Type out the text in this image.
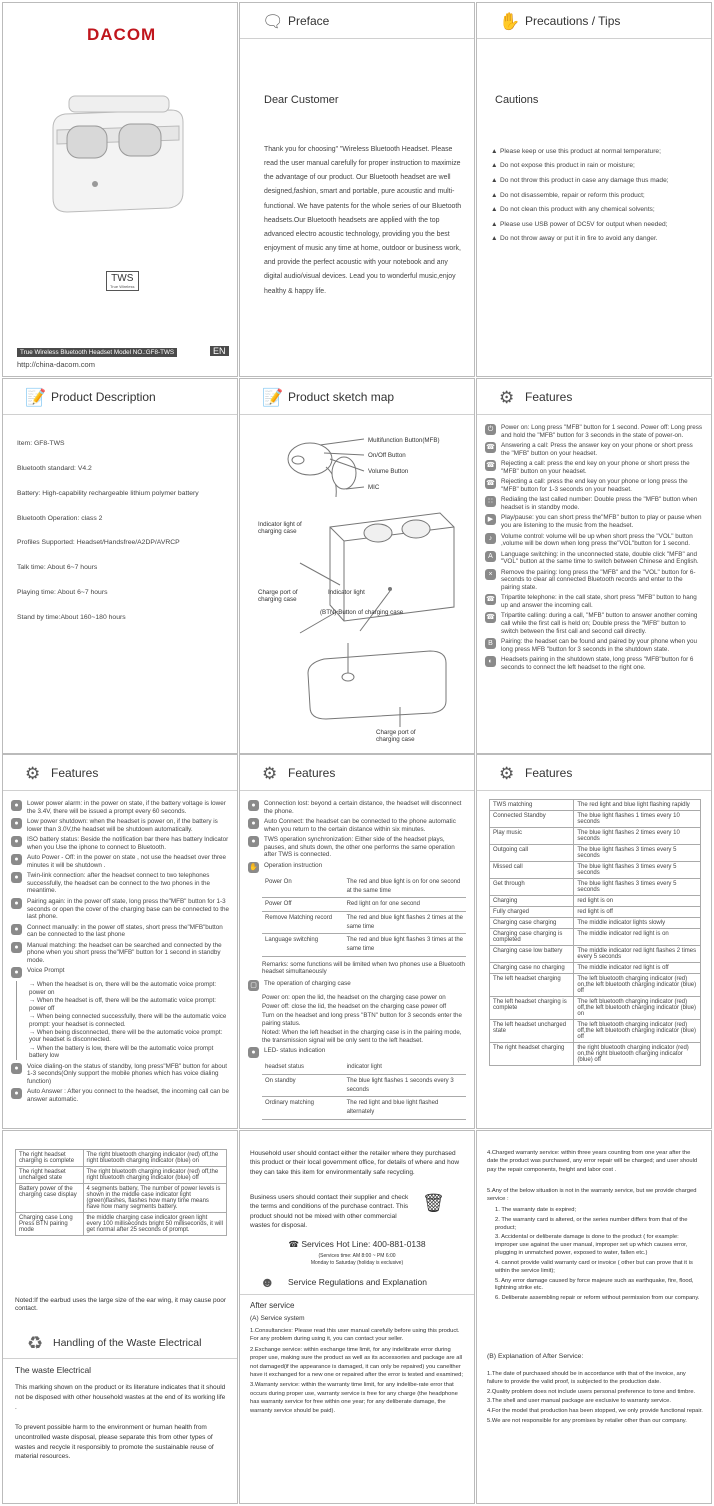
DACOM
TWS
True Wireless
True Wireless Bluetooth Headset Model NO.:GF8-TWS	EN
http://china-dacom.com
🗨 Preface
Dear Customer
Thank you for choosing" "Wireless Bluetooth Headset. Please read the user manual carefully for proper instruction to maximize the advantage of our product. Our Bluetooth headset are well designed,fashion, smart and portable, pure acoustic and multi-functional. We have patents for the whole series of our Bluetooth headsets.Our Bluetooth headsets are applied with the top advanced electro acoustic technology, providing you the best enjoyment of music any time at home, outdoor or business work, and provide the perfect acoustic with your notebook and any digital audio/visual devices. Lead you to wonderful music,enjoy healthy & happy life.
✋ Precautions / Tips
Cautions
▲ Please keep or use this product at normal temperature;
▲ Do not expose this product in rain or moisture;
▲ Do not throw this product in case any damage thus made;
▲ Do not disassemble, repair or reform this product;
▲ Do not clean this product with any chemical solvents;
▲ Please use USB power of DC5V for output when needed;
▲ Do not throw away or put it in fire to avoid any danger.
📝 Product Description
Item: GF8-TWS
Bluetooth standard: V4.2
Battery: High-capability rechargeable lithium polymer battery
Bluetooth Operation: class 2
Profiles Supported: Headset/Handsfree/A2DP/AVRCP
Talk time: About 6~7 hours
Playing time: About 6~7 hours
Stand by time:About 160~180 hours
📝 Product sketch map
Multifunction Button(MFB)
On/Off Button
Volume Button
MIC
Indicator light of charging case
Charge port of charging case
Indicator light
(BTN) Button of charging case
Charge port of charging case
⚙ Features
⏻	Power on: Long press "MFB" button for 1 second. Power off: Long press and hold the "MFB" button for 3 seconds in the state of power-on.
☎ Answering a call: Press the answer key on your phone or short press the "MFB" button on your headset.
☎ Rejecting a call: press the end key on your phone or short press the "MFB" button on your headset.
☎ Rejecting a call: press the end key on your phone or long press the "MFB" button for 1-3 seconds on your headset.
∷	Redialing the last called number: Double press the "MFB" button when headset is in standby mode.
▶	Play/pause: you can short press the"MFB" button to play or pause when you are listening to the music from the headset.
♪	Volume control: volume will be up when short press the "VOL" button ,volume will be down when long press the"VOL"button for 1 second.
A	Language switching: in the unconnected state, double click "MFB" and "VOL" button at the same time to switch between Chinese and English.
×	Remove the pairing: long press the "MFB" and the "VOL" button for 6-seconds to clear all connected Bluetooth records and enter to the pairing state.
☎ Tripartite telephone: in the call state, short press "MFB" button to hang up and answer the incoming call.
☎ Tripartite calling: during a call, "MFB" button to answer another coming call while the first call is held on; Double press the "MFB" button to switch between the first call and second call directly.
B	Pairing: the headset can be found and paired by your phone when you long press MFB "button for 3 seconds in the shutdown state.
◐	Headsets pairing in the shutdown state, long press "MFB"button for 6 seconds to connect the left headset to the right one.
⚙ Features
●	Lower power alarm: in the power on state, if the battery voltage is lower the 3.4V, there will be issued a prompt every 60 seconds.
●	Low power shutdown: when the headset is power on, if the battery is lower than 3.0V,the headset will be shutdown automatically.
●	ISO battery status: Beside the notification bar there has battery Indicator when you Use the iphone to connect to Bluetooth.
●	Auto Power - Off: in the power on state , not use the headset over three minutes it will be shutdown .
●	Twin-link connection: after the headset connect to two telephones successfully, the headset can be connect to the two phones in the meantime.
●	Pairing again: in the power off state, long press the"MFB" button for 1-3 seconds or open the cover of the charging base can be connected to the last phone.
●	Connect manually: in the power off states, short press the"MFB"button can be connected to the last phone
●	Manual matching: the headset can be searched and connected by the phone when you short press the"MFB" button for 1 second in standby mode.
●	Voice Prompt
→ When the headset is on, there will be the automatic voice prompt: power on
→ When the headset is off, there will be the automatic voice prompt: power off
→ When being connected successfully, there will be the automatic voice prompt: your headset is connected.
→ When being disconnected, there will be the automatic voice prompt: your headset is disconnected.
→ When the battery is low, there will be the automatic voice prompt battery low
●	Voice dialing-on the status of standby, long press"MFB" button for about 1-3 seconds(Only support the mobile phones which has voice dialing function)
●	Auto Answer : After you connect to the headset, the incoming call can be answer automatic.
⚙ Features
●	Connection lost: beyond a certain distance, the headset will disconnect the phone.
●	Auto Connect: the headset can be connected to the phone automatic when you return to the certain distance within six minutes.
●	TWS operation synchronization: Either side of the headset plays, pauses, and shuts down, the other one performs the same operation after TWS is connected.
✋ Operation instruction
Power On	The red and blue light is on for one second at the same time
Power Off	Red light on for one second
Remove Matching record	The red and blue light flashes 2 times at the same time
Language switching	The red and blue light flashes 3 times at the same time
Remarks: some functions will be limited when two phones use a Bluetooth headset simultaneously
▢	The operation of charging case
Power on: open the lid, the headset on the charging case power on
Power off: close the lid, the headset on the charging case power off
Turn on the headset and long press "BTN" button for 3 seconds enter the pairing status.
Noted: When the left headset in the charging case is in the pairing mode, the transmission signal will be only sent to the left headset.
●	LED- status indication
headset status	indicator light
On standby	The blue light flashes 1 seconds every 3 seconds
Ordinary matching	The red light and blue light flashed alternately
⚙ Features
TWS matching	The red light and blue light flashing rapidly
Connected Standby	The blue light flashes 1 times every 10 seconds
Play music	The blue light flashes 2 times every 10 seconds
Outgoing call	The blue light flashes 3 times every 5 seconds
Missed call	The blue light flashes 3 times every 5 seconds
Get through	The blue light flashes 3 times every 5 seconds
Charging	red light is on
Fully charged	red light is off
Charging case charging	The middle indicator lights slowly
Charging case charging is completed	The middle indicator red light is on
Charging case low battery	The middle indicator red light flashes 2 times every 5 seconds
Charging case no charging	The middle indicator red light is off
The left headset charging	The left bluetooth charging indicator (red) on,the left bluetooth charging indicator (blue) off
The left headset charging is complete	The left bluetooth charging indicator (red) off,the left bluetooth charging indicator (blue) on
The left headset uncharged state	The left bluetooth charging indicator (red) off,the left bluetooth charging indicator (blue) off
The right headset charging	the right bluetooth charging indicator (red) on,the right bluetooth charging indicator (blue) off
The right headset charging is complete	The right bluetooth charging indicator (red) off,the right bluetooth charging indicator (blue) on
The right headset uncharged state	The right bluetooth charging indicator (red) off,the right bluetooth charging indicator (blue) off
Battery power of the charging case display	4 segments battery, The number of power levels is shown in the middle case indicator light (green)flashes, flashes how many time means have how many segments battery.
Charging case Long Press BTN pairing mode	the middle charging case indicator green light every 100 milliseconds bright 50 milliseconds, it will get normal after 25 seconds of prompt.
Noted:If the earbud uses the large size of the ear wing, it may cause poor contact.
♻ Handling of the Waste Electrical
The waste Electrical
This marking shown on the product or its literature indicates that it should not be disposed with other household wastes at the end of its working life .
To prevent possible harm to the environment or human health from uncontrolled waste disposal, please separate this from other types of wastes and recycle it responsibly to promote the sustainable reuse of material resources.
Household user should contact either the retailer where they purchased this product or their local government office, for details of where and how they can take this item for environmentally safe recycling.
Business users should contact their supplier and check the terms and conditions of the purchase contract. This product should not be mixed with other commercial wastes for disposal.
🗑
☎ Services Hot Line: 400-881-0138
(Services time: AM 8:00 ~ PM 6:00
Monday to Saturday (holiday is exclusive)
☻ Service Regulations and Explanation
After service
(A) Service system
1.Consultancies: Please read this user manual carefully before using this product. For any problem during using it, you can contact your seller.
2.Exchange service: within exchange time limit, for any indelibrate error during proper use, making sure the product as well as its accessories and package are all not damaged(if the appearance is damaged, it can only be repaired) you canelther have it exchanged for a new one or repaired after the error is tested and examined;
3.Warranty service: within the warranty time limit, for any indelibe-rate error that occurs during proper use, warranty service is free for any charge (the headphone has warranty service for free within one year; for any deliberate damage, the warranty service should be paid).
4.Charged warranty service: within three years counting from one year after the date the product was purchased, any error repair will be charged; and user should pay the repair components, freight and labor cost .
5.Any of the below situation is not in the warranty service, but we provide charged service :
1. The warranty date is expired;
2. The warranty card is altered, or the series number differs from that of the product;
3. Accidental or deliberate damage is done to the product ( for example: improper use against the user manual, improper set up which causes error, plugging in unmatched power, exposed to water, fallen etc.)
4. cannot provide valid warranty card or invoice ( other but can prove that it is within the service limit);
5. Any error damage caused by force majeure such as earthquake, fire, flood, lightning strike etc.
6. Deliberate assembling repair or reform without permission from our company.
(B) Explanation of After Service:
1.The date of purchased should be in accordance with that of the invoice, any failure to provide the valid proof, is subjected to the production date.
2.Quality problem does not include users personal preference to tone and timbre.
3.The shell and user manual package are exclusive to warranty service.
4.For the model that production has been stopped, we only provide functional repair.
5.We are not responsible for any promises by retailer other than our company.
